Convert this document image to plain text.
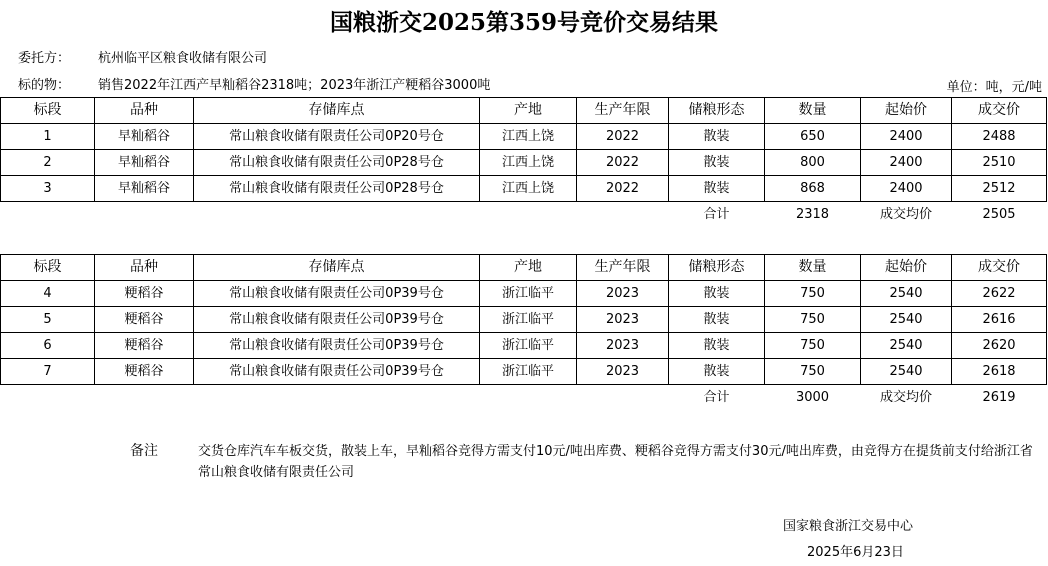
国粮浙交2025第359号竞价交易结果
委托方： 杭州临平区粮食收储有限公司
标的物： 销售2022年江西产早籼稻谷2318吨；2023年浙江产粳稻谷3000吨	单位：吨，元/吨
标段	品种	存储库点	产地	生产年限	储粮形态	数量	起始价	成交价
1	早籼稻谷	常山粮食收储有限责任公司0P20号仓	江西上饶	2022	散装	650	2400	2488
2	早籼稻谷	常山粮食收储有限责任公司0P28号仓	江西上饶	2022	散装	800	2400	2510
3	早籼稻谷	常山粮食收储有限责任公司0P28号仓	江西上饶	2022	散装	868	2400	2512
					合计	2318	成交均价	2505
标段	品种	存储库点	产地	生产年限	储粮形态	数量	起始价	成交价
4	粳稻谷	常山粮食收储有限责任公司0P39号仓	浙江临平	2023	散装	750	2540	2622
5	粳稻谷	常山粮食收储有限责任公司0P39号仓	浙江临平	2023	散装	750	2540	2616
6	粳稻谷	常山粮食收储有限责任公司0P39号仓	浙江临平	2023	散装	750	2540	2620
7	粳稻谷	常山粮食收储有限责任公司0P39号仓	浙江临平	2023	散装	750	2540	2618
					合计	3000	成交均价	2619
备注	交货仓库汽车车板交货，散装上车，早籼稻谷竞得方需支付10元/吨出库费、粳稻谷竞得方需支付30元/吨出库费，由竞得方在提货前支付给浙江省常山粮食收储有限责任公司
国家粮食浙江交易中心
2025年6月23日
